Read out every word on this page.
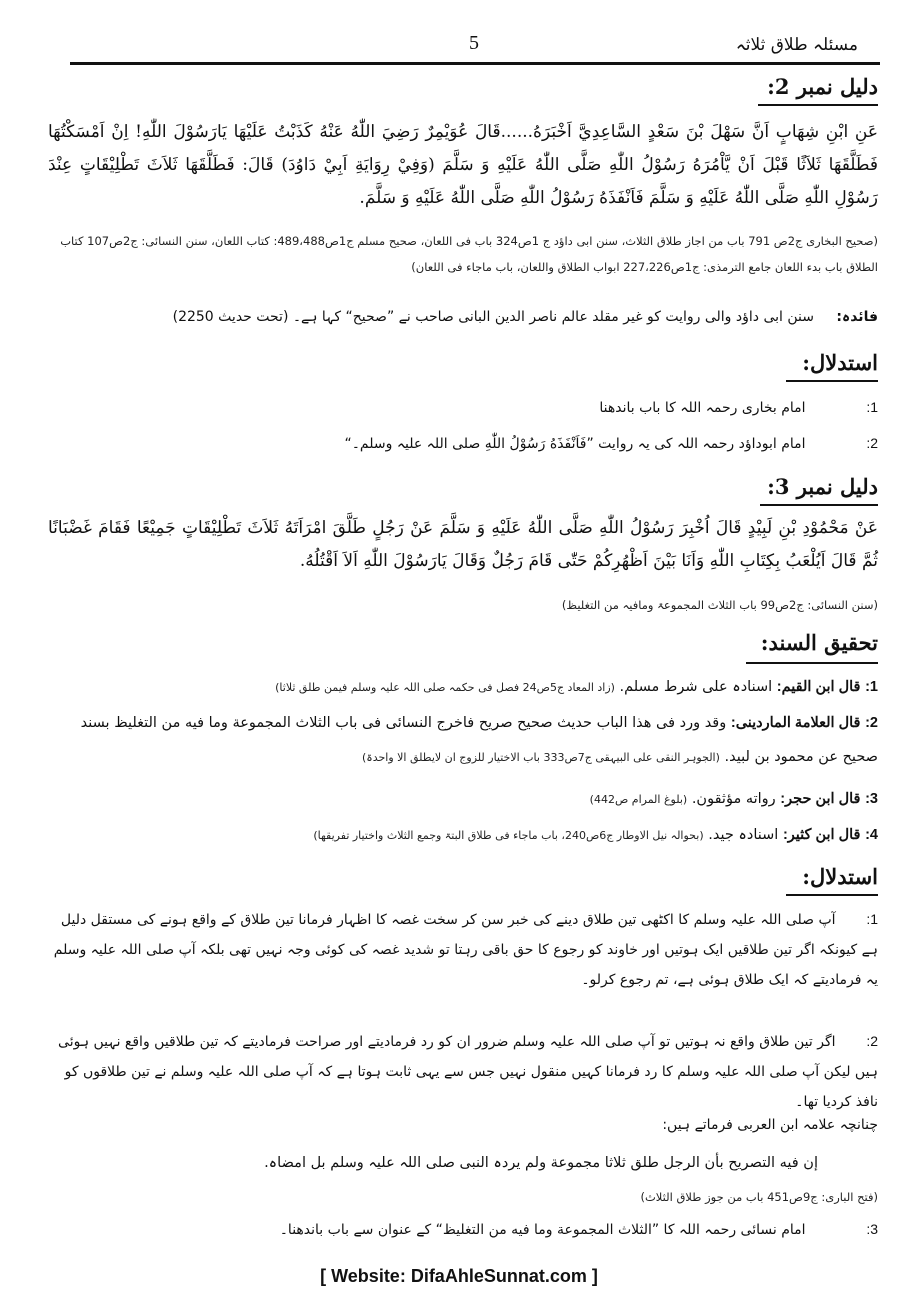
مسئلہ طلاق ثلاثہ
5
دلیل نمبر 2:
عَنِ ابْنِ شِهَابٍ اَنَّ سَهْلَ بْنَ سَعْدٍ السَّاعِدِيَّ اَخْبَرَهُ......قَالَ عُوَيْمِرٌ رَضِيَ اللّٰهُ عَنْهُ كَذَبْتُ عَلَيْهَا يَارَسُوْلَ اللّٰهِ! اِنْ اَمْسَكْتُهَا فَطَلَّقَهَا ثَلاَثًا قَبْلَ اَنْ يَّاْمُرَهُ رَسُوْلُ اللّٰهِ صَلَّى اللّٰهُ عَلَيْهِ وَ سَلَّمَ (وَفِيْ رِوَايَةِ اَبِيْ دَاوُدَ) قَالَ: فَطَلَّقَهَا ثَلاَثَ تَطْلِيْقَاتٍ عِنْدَ رَسُوْلِ اللّٰهِ صَلَّى اللّٰهُ عَلَيْهِ وَ سَلَّمَ فَاَنْفَذَهُ رَسُوْلُ اللّٰهِ صَلَّى اللّٰهُ عَلَيْهِ وَ سَلَّمَ.
(صحیح البخاری ج2ص 791 باب من اجاز طلاق الثلاث، سنن ابی داؤد ج 1ص324 باب فی اللعان، صحیح مسلم ج1ص489،488: کتاب اللعان، سنن النسائی: ج2ص107 کتاب الطلاق باب بدء اللعان جامع الترمذی: ج1ص227،226 ابواب الطلاق واللعان، باب ماجاء فی اللعان)
فائدہ: سنن ابی داؤد والی روایت کو غیر مقلد عالم ناصر الدین البانی صاحب نے ”صحیح“ کہا ہے۔ (تحت حدیث 2250)
استدلال:
1: امام بخاری رحمہ اللہ کا باب باندھنا
2: امام ابوداؤد رحمہ اللہ کی یہ روایت ”فَاَنْفَذَهُ رَسُوْلُ اللّٰهِ صلی اللہ علیہ وسلم۔“
دلیل نمبر 3:
عَنْ مَحْمُوْدِ بْنِ لَبِيْدٍ قَالَ اُخْبِرَ رَسُوْلُ اللّٰهِ صَلَّى اللّٰهُ عَلَيْهِ وَ سَلَّمَ عَنْ رَجُلٍ طَلَّقَ امْرَاَتَهُ ثَلاَثَ تَطْلِيْقَاتٍ جَمِيْعًا فَقَامَ غَضْبَانًا ثُمَّ قَالَ اَيُلْعَبُ بِكِتَابِ اللّٰهِ وَاَنَا بَيْنَ اَظْهُرِكُمْ حَتّٰى قَامَ رَجُلٌ وَقَالَ يَارَسُوْلَ اللّٰهِ اَلاَ اَقْتُلُهُ.
(سنن النسائی: ج2ص99 باب الثلاث المجموعۃ ومافیہ من التغلیظ)
تحقیق السند:
1: قال ابن القیم: اسنادہ علی شرط مسلم. (زاد المعاد ج5ص24 فصل فی حکمہ صلی اللہ علیہ وسلم فیمن طلق ثلاثا)
2: قال العلامة الماردینی: وقد ورد فی هذا الباب حدیث صحیح صریح فاخرج النسائی فی باب الثلاث المجموعة وما فیه من التغلیظ بسند صحیح عن محمود بن لبید. (الجوہر النقی علی البیہقی ج7ص333 باب الاختیار للزوج ان لایطلق الا واحدۃ)
3: قال ابن حجر: رواته مؤثقون. (بلوغ المرام ص442)
4: قال ابن کثیر: اسنادہ جید. (بحوالہ نیل الاوطار ج6ص240، باب ماجاء فی طلاق البتۃ وجمع الثلاث واختیار تفریقھا)
استدلال:
1: آپ صلی اللہ علیہ وسلم کا اکٹھی تین طلاق دینے کی خبر سن کر سخت غصہ کا اظہار فرمانا تین طلاق کے واقع ہونے کی مستقل دلیل ہے کیونکہ اگر تین طلاقیں ایک ہوتیں اور خاوند کو رجوع کا حق باقی رہتا تو شدید غصہ کی کوئی وجہ نہیں تھی بلکہ آپ صلی اللہ علیہ وسلم یہ فرمادیتے کہ ایک طلاق ہوئی ہے، تم رجوع کرلو۔
2: اگر تین طلاق واقع نہ ہوتیں تو آپ صلی اللہ علیہ وسلم ضرور ان کو رد فرمادیتے اور صراحت فرمادیتے کہ تین طلاقیں واقع نہیں ہوئی ہیں لیکن آپ صلی اللہ علیہ وسلم کا رد فرمانا کہیں منقول نہیں جس سے یہی ثابت ہوتا ہے کہ آپ صلی اللہ علیہ وسلم نے تین طلاقوں کو نافذ کردیا تھا۔
چنانچہ علامہ ابن العربی فرماتے ہیں:
إن فیه التصریح بأن الرجل طلق ثلاثا مجموعة ولم یردہ النبی صلی اللہ علیہ وسلم بل امضاہ.
(فتح الباری: ج9ص451 باب من جوز طلاق الثلاث)
3: امام نسائی رحمہ اللہ کا ”الثلاث المجموعة وما فیه من التغلیظ“ کے عنوان سے باب باندھنا۔
[ Website: DifaAhleSunnat.com ]
